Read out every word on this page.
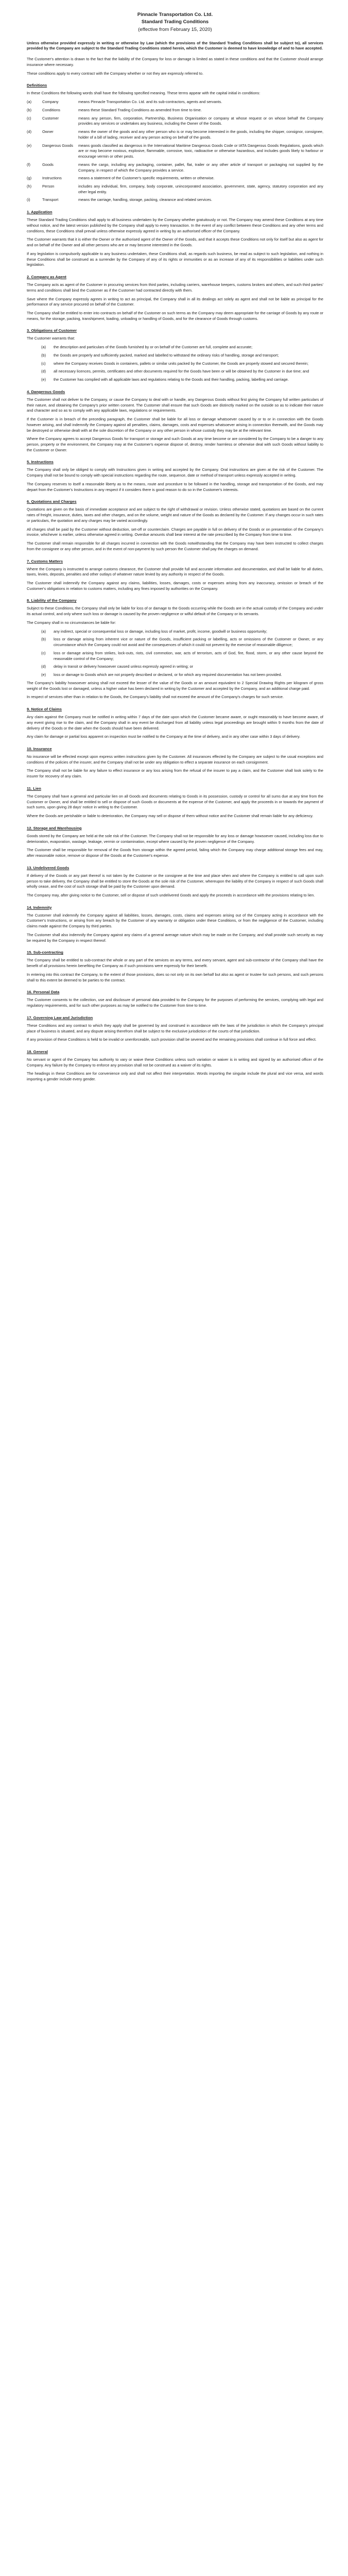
Pinnacle Transportation Co. Ltd.
Standard Trading Conditions
(effective from February 15, 2020)
Unless otherwise provided expressly in writing or otherwise by Law (which the provisions of the Standard Trading Conditions shall be subject to), all services provided by the Company are subject to the Standard Trading Conditions stated herein, which the Customer is deemed to have knowledge of and to have accepted.
The Customer's attention is drawn to the fact that the liability of the Company for loss or damage is limited as stated in these conditions and that the Customer should arrange insurance where necessary.
These conditions apply to every contract with the Company whether or not they are expressly referred to.
Definitions
In these Conditions the following words shall have the following specified meaning. These terms appear with the capital initial in conditions:
(a)	Company	means Pinnacle Transportation Co. Ltd. and its sub-contractors, agents and servants.
(b)	Conditions	means these Standard Trading Conditions as amended from time to time.
(c)	Customer	means any person, firm, corporation, Partnership, Business Organisation or company at whose request or on whose behalf the Company provides any services or undertakes any business, including the Owner of the Goods.
(d)	Owner	means the owner of the goods and any other person who is or may become interested in the goods, including the shipper, consignor, consignee, holder of a bill of lading, receiver and any person acting on behalf of the goods.
(e)	Dangerous Goods	means goods classified as dangerous in the International Maritime Dangerous Goods Code or IATA Dangerous Goods Regulations, goods which are or may become noxious, explosive, flammable, corrosive, toxic, radioactive or otherwise hazardous, and includes goods likely to harbour or encourage vermin or other pests.
(f)	Goods	means the cargo, including any packaging, container, pallet, flat, trailer or any other article of transport or packaging not supplied by the Company, in respect of which the Company provides a service.
(g)	Instructions	means a statement of the Customer's specific requirements, written or otherwise.
(h)	Person	includes any individual, firm, company, body corporate, unincorporated association, government, state, agency, statutory corporation and any other legal entity.
(i)	Transport	means the carriage, handling, storage, packing, clearance and related services.
1. Application
These Standard Trading Conditions shall apply to all business undertaken by the Company whether gratuitously or not. The Company may amend these Conditions at any time without notice, and the latest version published by the Company shall apply to every transaction. In the event of any conflict between these Conditions and any other terms and conditions, these Conditions shall prevail unless otherwise expressly agreed in writing by an authorised officer of the Company.
The Customer warrants that it is either the Owner or the authorised agent of the Owner of the Goods, and that it accepts these Conditions not only for itself but also as agent for and on behalf of the Owner and all other persons who are or may become interested in the Goods.
If any legislation is compulsorily applicable to any business undertaken, these Conditions shall, as regards such business, be read as subject to such legislation, and nothing in these Conditions shall be construed as a surrender by the Company of any of its rights or immunities or as an increase of any of its responsibilities or liabilities under such legislation.
2. Company as Agent
The Company acts as agent of the Customer in procuring services from third parties, including carriers, warehouse keepers, customs brokers and others, and such third parties' terms and conditions shall bind the Customer as if the Customer had contracted directly with them.
Save where the Company expressly agrees in writing to act as principal, the Company shall in all its dealings act solely as agent and shall not be liable as principal for the performance of any service procured on behalf of the Customer.
The Company shall be entitled to enter into contracts on behalf of the Customer on such terms as the Company may deem appropriate for the carriage of Goods by any route or means, for the storage, packing, transhipment, loading, unloading or handling of Goods, and for the clearance of Goods through customs.
3. Obligations of Customer
The Customer warrants that:
(a)	the description and particulars of the Goods furnished by or on behalf of the Customer are full, complete and accurate;
(b)	the Goods are properly and sufficiently packed, marked and labelled to withstand the ordinary risks of handling, storage and transport;
(c)	where the Company receives Goods in containers, pallets or similar units packed by the Customer, the Goods are properly stowed and secured therein;
(d)	all necessary licences, permits, certificates and other documents required for the Goods have been or will be obtained by the Customer in due time; and
(e)	the Customer has complied with all applicable laws and regulations relating to the Goods and their handling, packing, labelling and carriage.
4. Dangerous Goods
The Customer shall not deliver to the Company, or cause the Company to deal with or handle, any Dangerous Goods without first giving the Company full written particulars of their nature, and obtaining the Company's prior written consent. The Customer shall ensure that such Goods are distinctly marked on the outside so as to indicate their nature and character and so as to comply with any applicable laws, regulations or requirements.
If the Customer is in breach of the preceding paragraph, the Customer shall be liable for all loss or damage whatsoever caused by or to or in connection with the Goods however arising, and shall indemnify the Company against all penalties, claims, damages, costs and expenses whatsoever arising in connection therewith, and the Goods may be destroyed or otherwise dealt with at the sole discretion of the Company or any other person in whose custody they may be at the relevant time.
Where the Company agrees to accept Dangerous Goods for transport or storage and such Goods at any time become or are considered by the Company to be a danger to any person, property or the environment, the Company may at the Customer's expense dispose of, destroy, render harmless or otherwise deal with such Goods without liability to the Customer or Owner.
5. Instructions
The Company shall only be obliged to comply with Instructions given in writing and accepted by the Company. Oral instructions are given at the risk of the Customer. The Company shall not be bound to comply with special instructions regarding the route, sequence, date or method of transport unless expressly accepted in writing.
The Company reserves to itself a reasonable liberty as to the means, route and procedure to be followed in the handling, storage and transportation of the Goods, and may depart from the Customer's Instructions in any respect if it considers there is good reason to do so in the Customer's interests.
6. Quotations and Charges
Quotations are given on the basis of immediate acceptance and are subject to the right of withdrawal or revision. Unless otherwise stated, quotations are based on the current rates of freight, insurance, duties, taxes and other charges, and on the volume, weight and nature of the Goods as declared by the Customer. If any changes occur in such rates or particulars, the quotation and any charges may be varied accordingly.
All charges shall be paid by the Customer without deduction, set-off or counterclaim. Charges are payable in full on delivery of the Goods or on presentation of the Company's invoice, whichever is earlier, unless otherwise agreed in writing. Overdue amounts shall bear interest at the rate prescribed by the Company from time to time.
The Customer shall remain responsible for all charges incurred in connection with the Goods notwithstanding that the Company may have been instructed to collect charges from the consignee or any other person, and in the event of non-payment by such person the Customer shall pay the charges on demand.
7. Customs Matters
Where the Company is instructed to arrange customs clearance, the Customer shall provide full and accurate information and documentation, and shall be liable for all duties, taxes, levies, deposits, penalties and other outlays of whatever nature levied by any authority in respect of the Goods.
The Customer shall indemnify the Company against any claims, liabilities, losses, damages, costs or expenses arising from any inaccuracy, omission or breach of the Customer's obligations in relation to customs matters, including any fines imposed by authorities on the Company.
8. Liability of the Company
Subject to these Conditions, the Company shall only be liable for loss of or damage to the Goods occurring while the Goods are in the actual custody of the Company and under its actual control, and only where such loss or damage is caused by the proven negligence or wilful default of the Company or its servants.
The Company shall in no circumstances be liable for:
(a)	any indirect, special or consequential loss or damage, including loss of market, profit, income, goodwill or business opportunity;
(b)	loss or damage arising from inherent vice or nature of the Goods, insufficient packing or labelling, acts or omissions of the Customer or Owner, or any circumstance which the Company could not avoid and the consequences of which it could not prevent by the exercise of reasonable diligence;
(c)	loss or damage arising from strikes, lock-outs, riots, civil commotion, war, acts of terrorism, acts of God, fire, flood, storm, or any other cause beyond the reasonable control of the Company;
(d)	delay in transit or delivery howsoever caused unless expressly agreed in writing; or
(e)	loss or damage to Goods which are not properly described or declared, or for which any required documentation has not been provided.
The Company's liability howsoever arising shall not exceed the lesser of the value of the Goods or an amount equivalent to 2 Special Drawing Rights per kilogram of gross weight of the Goods lost or damaged, unless a higher value has been declared in writing by the Customer and accepted by the Company, and an additional charge paid.
In respect of services other than in relation to the Goods, the Company's liability shall not exceed the amount of the Company's charges for such service.
9. Notice of Claims
Any claim against the Company must be notified in writing within 7 days of the date upon which the Customer became aware, or ought reasonably to have become aware, of any event giving rise to the claim, and the Company shall in any event be discharged from all liability unless legal proceedings are brought within 9 months from the date of delivery of the Goods or the date when the Goods should have been delivered.
Any claim for damage or partial loss apparent on inspection must be notified to the Company at the time of delivery, and in any other case within 3 days of delivery.
10. Insurance
No insurance will be effected except upon express written instructions given by the Customer. All insurances effected by the Company are subject to the usual exceptions and conditions of the policies of the insurer, and the Company shall not be under any obligation to effect a separate insurance on each consignment.
The Company shall not be liable for any failure to effect insurance or any loss arising from the refusal of the insurer to pay a claim, and the Customer shall look solely to the insurer for recovery of any claim.
11. Lien
The Company shall have a general and particular lien on all Goods and documents relating to Goods in its possession, custody or control for all sums due at any time from the Customer or Owner, and shall be entitled to sell or dispose of such Goods or documents at the expense of the Customer, and apply the proceeds in or towards the payment of such sums, upon giving 28 days' notice in writing to the Customer.
Where the Goods are perishable or liable to deterioration, the Company may sell or dispose of them without notice and the Customer shall remain liable for any deficiency.
12. Storage and Warehousing
Goods stored by the Company are held at the sole risk of the Customer. The Company shall not be responsible for any loss or damage howsoever caused, including loss due to deterioration, evaporation, wastage, leakage, vermin or contamination, except where caused by the proven negligence of the Company.
The Customer shall be responsible for removal of the Goods from storage within the agreed period, failing which the Company may charge additional storage fees and may, after reasonable notice, remove or dispose of the Goods at the Customer's expense.
13. Undelivered Goods
If delivery of the Goods or any part thereof is not taken by the Customer or the consignee at the time and place when and where the Company is entitled to call upon such person to take delivery, the Company shall be entitled to store the Goods at the sole risk of the Customer, whereupon the liability of the Company in respect of such Goods shall wholly cease, and the cost of such storage shall be paid by the Customer upon demand.
The Company may, after giving notice to the Customer, sell or dispose of such undelivered Goods and apply the proceeds in accordance with the provisions relating to lien.
14. Indemnity
The Customer shall indemnify the Company against all liabilities, losses, damages, costs, claims and expenses arising out of the Company acting in accordance with the Customer's Instructions, or arising from any breach by the Customer of any warranty or obligation under these Conditions, or from the negligence of the Customer, including claims made against the Company by third parties.
The Customer shall also indemnify the Company against any claims of a general average nature which may be made on the Company, and shall provide such security as may be required by the Company in respect thereof.
15. Sub-contracting
The Company shall be entitled to sub-contract the whole or any part of the services on any terms, and every servant, agent and sub-contractor of the Company shall have the benefit of all provisions herein benefiting the Company as if such provisions were expressly for their benefit.
In entering into this contract the Company, to the extent of those provisions, does so not only on its own behalf but also as agent or trustee for such persons, and such persons shall to this extent be deemed to be parties to the contract.
16. Personal Data
The Customer consents to the collection, use and disclosure of personal data provided to the Company for the purposes of performing the services, complying with legal and regulatory requirements, and for such other purposes as may be notified to the Customer from time to time.
17. Governing Law and Jurisdiction
These Conditions and any contract to which they apply shall be governed by and construed in accordance with the laws of the jurisdiction in which the Company's principal place of business is situated, and any dispute arising therefrom shall be subject to the exclusive jurisdiction of the courts of that jurisdiction.
If any provision of these Conditions is held to be invalid or unenforceable, such provision shall be severed and the remaining provisions shall continue in full force and effect.
18. General
No servant or agent of the Company has authority to vary or waive these Conditions unless such variation or waiver is in writing and signed by an authorised officer of the Company. Any failure by the Company to enforce any provision shall not be construed as a waiver of its rights.
The headings in these Conditions are for convenience only and shall not affect their interpretation. Words importing the singular include the plural and vice versa, and words importing a gender include every gender.
